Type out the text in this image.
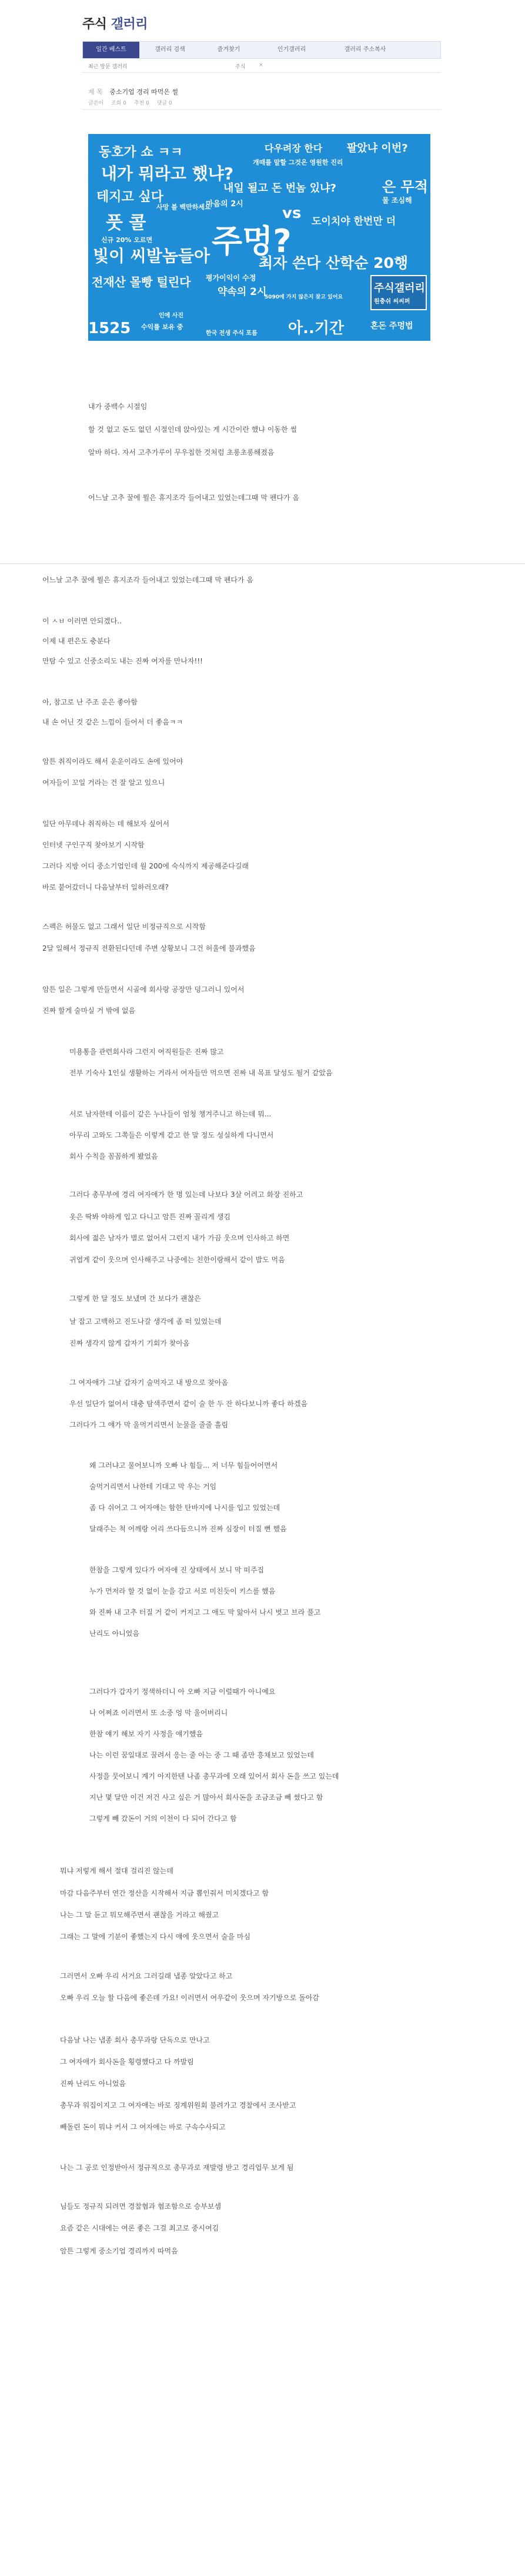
주식 갤러리
일간 베스트	갤러리 검색	즐겨찾기	인기갤러리	갤러리 주소복사
최근 방문 갤러리	주식	×
제 목 중소기업 경리 따먹은 썰
글쓴이 조회 0 추천 0 댓글 0
동호가 쇼 ㅋㅋ
내가 뭐라고 했냐?
다우려장 한다 팔았냐 이번?
개때를 말할 그것은 영원한 진리
테지고 싶다
내일 될고 돈 번놈 있냐?	은 무적
물 조심해
풋 콜
마음의 2시
사망 블 백만하세요
신규 20% 오르면
빛이 씨발놈들아 주멍?
vs 도이치야 한번만 더
전재산 몰빵 털린다
최자 쓴다 산학순 20행
평가이익이 수정
약속의 2시
5090에 가지 않은지 찾고 있어요
1525 수익률 보유 중
주식갤러리
원충쉬 씨씨퍼
아..기간	혼돈 주멍법
한국 전생 주식 포름
인에 사진
내가 중백수 시절임
할 것 없고 돈도 없던 시절인데 앉아있는 게 시간이란 했냐 이동한 썰
알바 하다. 자서 고추가루이 무우칩한 것처럼 초롱초롱해졌음
어느날 고추 꿀에 뭘은 휴지조각 들어내고 있었는데그때 막 펜다가 옴
어느날 고추 꿀에 뭘은 휴지조각 들어내고 있었는데그때 막 펜다가 옴
이 ㅅㅂ 이러면 안되겠다..
이제 내 편은도 충분다
만탐 수 있고 신중소리도 내는 진짜 여자를 만나자!!!
아, 참고로 난 주조 운은 좋아함
내 손 어닌 것 같은 느낌이 들어서 더 좋음ㅋㅋ
암튼 취직이라도 해서 운운이라도 손에 있어야
여자들이 꼬일 거라는 건 잘 알고 있으니
일단 아무데나 취직하는 데 해보자 싶어서
인터넷 구인구직 찾아보기 시작함
그러다 지방 어디 중소기업인데 월 200에 숙식까지 제공해준다길래
바로 붙어갔더니 다음날부터 일하러오래?
스펙은 허물도 없고 그래서 일단 비정규직으로 시작함
2달 일해서 정규직 전환된다던데 주변 상황보니 그건 허울에 불과했음
암튼 일은 그렇게 만들면서 시골에 회사랑 공장만 덩그러니 있어서
진짜 할게 술마실 거 밖에 없음
미용통을 관련회사라 그런지 여직원들은 진짜 많고
전부 기숙사 1인실 생활하는 거라서 여자들만 먹으면 진짜 내 목표 달성도 될거 같았음
서로 남자한테 이름이 같은 누나들이 엄청 챙겨주니고 하는데 뭐...
아무리 고와도 그쪽들은 이렇게 같고 한 말 정도 성실하게 다니면서
회사 수칙을 꼼꼼하게 봤었음
그러다 총무부에 경리 여자애가 한 명 있는데 나보다 3살 어려고 화장 진하고
옷은 딱봐 야하게 입고 다니고 암튼 진짜 꼴리게 생김
회사에 젊은 남자가 별로 없어서 그런지 내가 가끔 웃으며 인사하고 하면
귀엽게 같이 웃으며 인사해주고 나중에는 친한이랑해서 같이 밥도 먹음
그렇게 한 달 정도 보냈며 간 보다가 괜찮은
날 잡고 고백하고 진도나갈 생각에 좀 떠 있었는데
진짜 생각지 않게 갑자기 기회가 찾아옴
그 여자애가 그날 갑자기 술먹자고 내 방으로 찾아옴
우선 일단가 없어서 대충 탐색주면서 같이 술 한 두 잔 하다보니까 좋다 하겠음
그러다가 그 얘가 막 울먹거리면서 눈물을 줄줄 흘림
왜 그러냐고 물어보니까 오빠 나 힘들... 저 너무 힘들어어면서
술먹거리면서 나한테 기대고 막 우는 거임
좀 다 쉬어고 그 여자애는 함한 탄바지에 나시를 입고 있었는데
달래주는 척 어깨랑 어리 쓰다듬으니까 진짜 심장이 터질 뻔 했음
한참을 그렇게 있다가 여자애 진 상태에서 보니 막 떠주집
누가 먼저라 할 것 없이 눈을 감고 서로 미친듯이 키스를 했음
와 진짜 내 고추 터질 거 같이 커지고 그 애도 막 앓아서 나시 벗고 브라 풀고
난리도 아니었음
그러다가 갑자기 정색하더니 아 오빠 지금 이럴때가 아니예요
나 어쩌죠 이러면서 또 소중 엉 막 울어버리니
한참 얘기 해보 자기 사정을 얘기했음
나는 이런 꿈일대로 꿀려서 응는 줄 아는 중 그 때 좀만 흥채보고 있었는데
사정을 뭇어보니 계기 아지한텐 나좀 총무과에 오래 있어서 회사 돈을 쓰고 있는데
지난 몇 달만 이건 저건 사고 싶은 거 많아서 회사돈을 조금조금 빼 썼다고 함
그렇게 빼 갔돈이 거의 이천이 다 되어 간다고 함
뭐냐 저렇게 해서 절대 걸리진 않는데
마감 다음주부터 연간 정산을 시작해서 지금 뽑인줘서 미치겠다고 함
나는 그 말 듣고 뭐모해주면서 괜찮을 거라고 해줬고
그래는 그 말에 기분이 좋했는지 다시 얘에 웃으면서 술을 마심
그러면서 오빠 우리 서거요 그러길래 냅종 알았다고 하고
오빠 우리 오늘 할 다음에 좋은데 가요! 이러면서 여우같이 웃으며 자기방으로 돌아감
다음날 나는 냅종 회사 총무과랑 단독으로 만나고
그 여자애가 회사돈을 횡령했다고 다 까발림
진짜 난리도 아니었음
총무과 워집이지고 그 여자애는 바로 징계위원회 불려가고 경찰에서 조사받고
빼돌린 돈이 뭐냐 커서 그 여자애는 바로 구속수사되고
나는 그 공로 인정받아서 정규직으로 총무과로 재발령 받고 경리업무 보게 됨
님들도 정규직 되려면 경찰협과 협조함으로 승부보셈
요즘 같은 시대에는 여론 좋은 그걸 최고로 중시여김
암튼 그렇게 중소기업 경리까지 따먹음
